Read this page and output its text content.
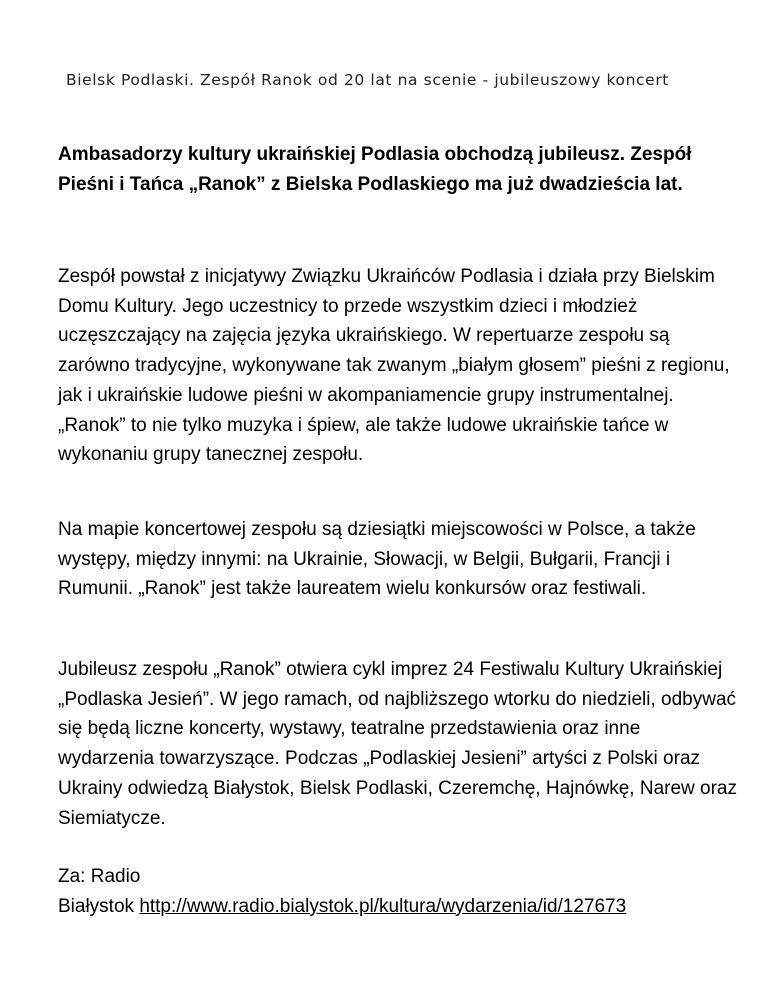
Bielsk Podlaski. Zespół Ranok od 20 lat na scenie - jubileuszowy koncert

Ambasadorzy kultury ukraińskiej Podlasia obchodzą jubileusz. Zespół Pieśni i Tańca „Ranok” z Bielska Podlaskiego ma już dwadzieścia lat.

Zespół powstał z inicjatywy Związku Ukraińców Podlasia i działa przy Bielskim Domu Kultury. Jego uczestnicy to przede wszystkim dzieci i młodzież uczęszczający na zajęcia języka ukraińskiego. W repertuarze zespołu są zarówno tradycyjne, wykonywane tak zwanym „białym głosem” pieśni z regionu, jak i ukraińskie ludowe pieśni w akompaniamencie grupy instrumentalnej. „Ranok” to nie tylko muzyka i śpiew, ale także ludowe ukraińskie tańce w wykonaniu grupy tanecznej zespołu.

Na mapie koncertowej zespołu są dziesiątki miejscowości w Polsce, a także występy, między innymi: na Ukrainie, Słowacji, w Belgii, Bułgarii, Francji i Rumunii. „Ranok” jest także laureatem wielu konkursów oraz festiwali.

Jubileusz zespołu „Ranok” otwiera cykl imprez 24 Festiwalu Kultury Ukraińskiej „Podlaska Jesień”. W jego ramach, od najbliższego wtorku do niedzieli, odbywać się będą liczne koncerty, wystawy, teatralne przedstawienia oraz inne wydarzenia towarzyszące. Podczas „Podlaskiej Jesieni” artyści z Polski oraz Ukrainy odwiedzą Białystok, Bielsk Podlaski, Czeremchę, Hajnówkę, Narew oraz Siemiatycze.

Za: Radio
Białystok http://www.radio.bialystok.pl/kultura/wydarzenia/id/127673
